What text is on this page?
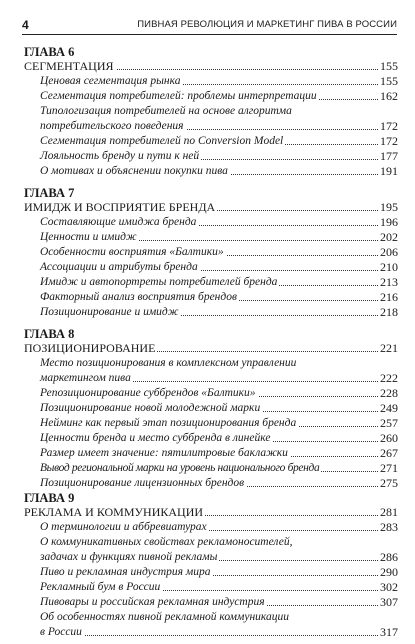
4	ПИВНАЯ РЕВОЛЮЦИЯ И МАРКЕТИНГ ПИВА В РОССИИ
ГЛАВА 6
СЕГМЕНТАЦИЯ	155
Ценовая сегментация рынка	155
Сегментация потребителей: проблемы интерпретации	162
Типологизация потребителей на основе алгоритма
потребительского поведения	172
Сегментация потребителей по Conversion Model	172
Лояльность бренду и пути к ней	177
О мотивах и объяснении покупки пива	191
ГЛАВА 7
ИМИДЖ И ВОСПРИЯТИЕ БРЕНДА	195
Составляющие имиджа бренда	196
Ценности и имидж	202
Особенности восприятия «Балтики»	206
Ассоциации и атрибуты бренда	210
Имидж и автопортреты потребителей бренда	213
Факторный анализ восприятия брендов	216
Позиционирование и имидж	218
ГЛАВА 8
ПОЗИЦИОНИРОВАНИЕ	221
Место позиционирования в комплексном управлении
маркетингом пива	222
Репозиционирование суббрендов «Балтики»	228
Позиционирование новой молодежной марки	249
Нейминг как первый этап позиционирования бренда	257
Ценности бренда и место суббренда в линейке	260
Размер имеет значение: пятилитровые баклажки	267
Вывод региональной марки на уровень национального бренда	271
Позиционирование лицензионных брендов	275
ГЛАВА 9
РЕКЛАМА И КОММУНИКАЦИИ	281
О терминологии и аббревиатурах	283
О коммуникативных свойствах рекламоносителей,
задачах и функциях пивной рекламы	286
Пиво и рекламная индустрия мира	290
Рекламный бум в России	302
Пивовары и российская рекламная индустрия	307
Об особенностях пивной рекламной коммуникации
в России	317
